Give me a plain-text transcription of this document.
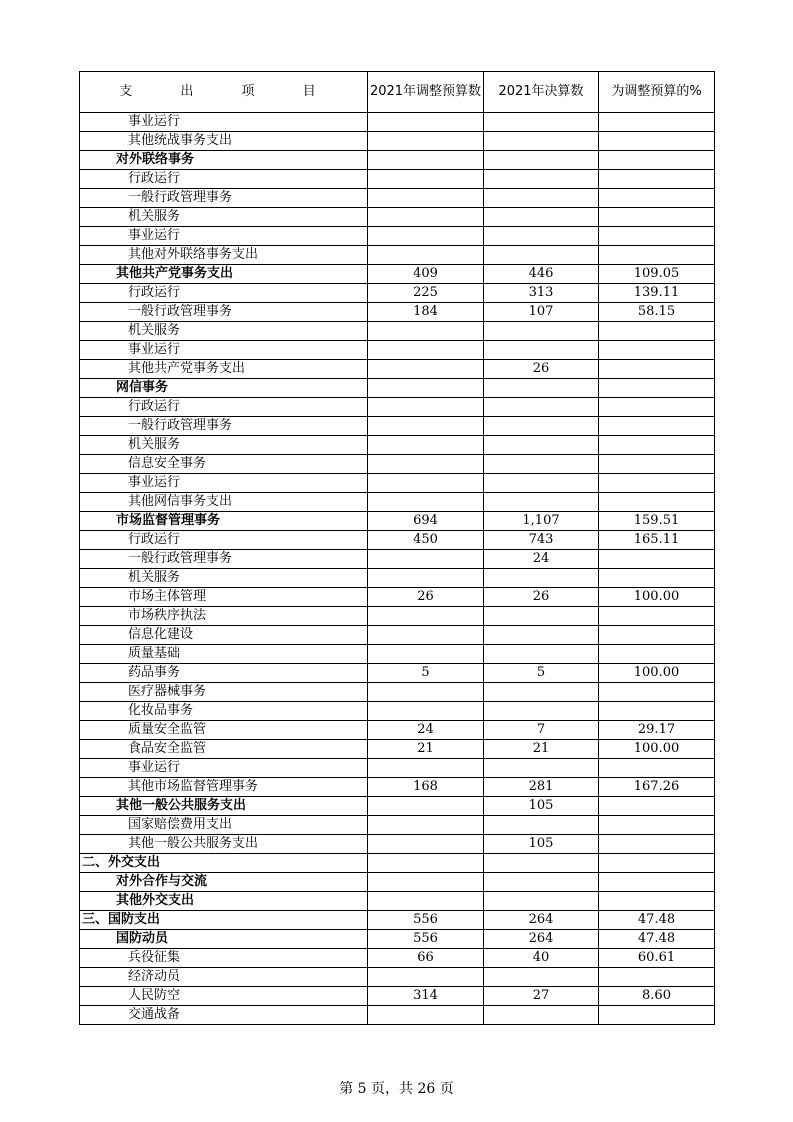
支 出 项 目	2021年调整预算数	2021年决算数	为调整预算的%
事业运行			
其他统战事务支出			
对外联络事务			
行政运行			
一般行政管理事务			
机关服务			
事业运行			
其他对外联络事务支出			
其他共产党事务支出	409	446	109.05
行政运行	225	313	139.11
一般行政管理事务	184	107	58.15
机关服务			
事业运行			
其他共产党事务支出		26	
网信事务			
行政运行			
一般行政管理事务			
机关服务			
信息安全事务			
事业运行			
其他网信事务支出			
市场监督管理事务	694	1,107	159.51
行政运行	450	743	165.11
一般行政管理事务		24	
机关服务			
市场主体管理	26	26	100.00
市场秩序执法			
信息化建设			
质量基础			
药品事务	5	5	100.00
医疗器械事务			
化妆品事务			
质量安全监管	24	7	29.17
食品安全监管	21	21	100.00
事业运行			
其他市场监督管理事务	168	281	167.26
其他一般公共服务支出		105	
国家赔偿费用支出			
其他一般公共服务支出		105	
二、外交支出			
对外合作与交流			
其他外交支出			
三、国防支出	556	264	47.48
国防动员	556	264	47.48
兵役征集	66	40	60.61
经济动员			
人民防空	314	27	8.60
交通战备			
第 5 页，共 26 页
